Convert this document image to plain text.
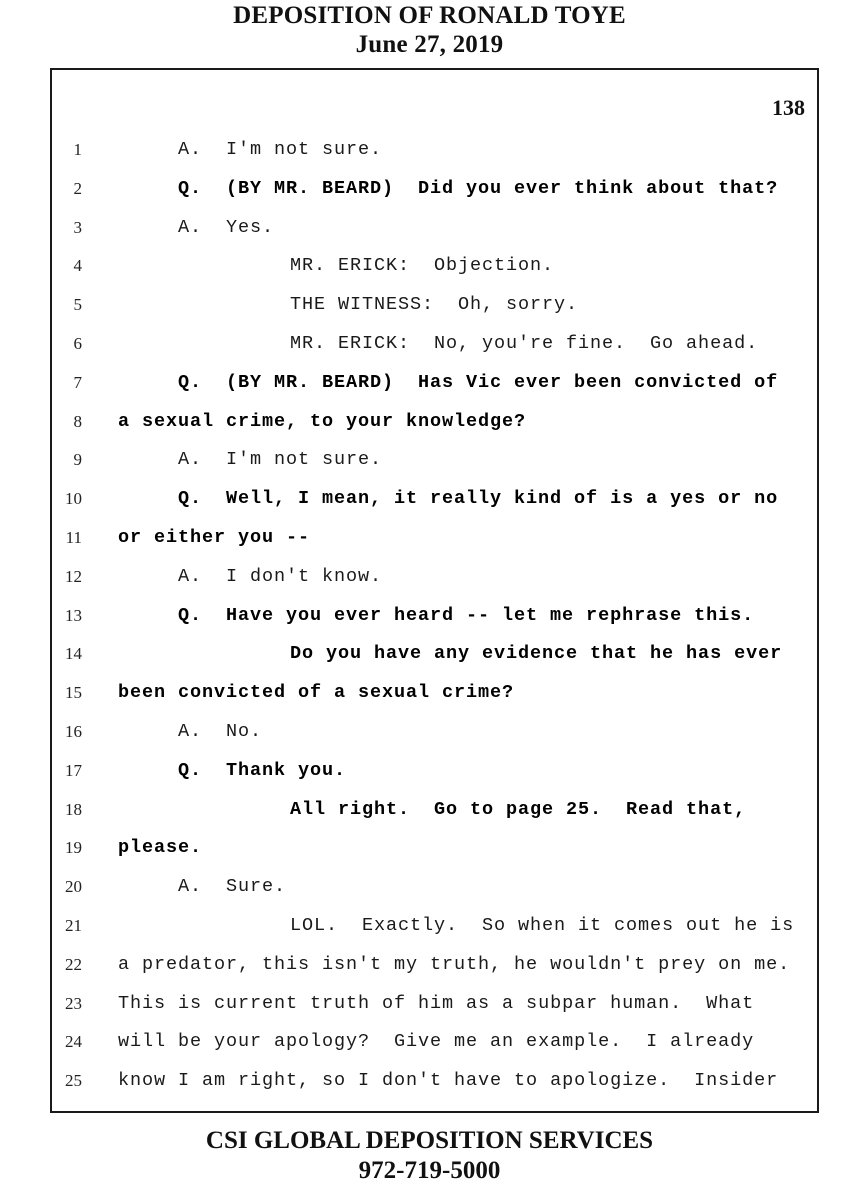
DEPOSITION OF RONALD TOYE
June 27, 2019
138
1	A.  I'm not sure.
2	Q.  (BY MR. BEARD)  Did you ever think about that?
3	A.  Yes.
4	MR. ERICK:  Objection.
5	THE WITNESS:  Oh, sorry.
6	MR. ERICK:  No, you're fine.  Go ahead.
7	Q.  (BY MR. BEARD)  Has Vic ever been convicted of
8 a sexual crime, to your knowledge?
9	A.  I'm not sure.
10	Q.  Well, I mean, it really kind of is a yes or no
11 or either you --
12	A.  I don't know.
13	Q.  Have you ever heard -- let me rephrase this.
14	Do you have any evidence that he has ever
15 been convicted of a sexual crime?
16	A.  No.
17	Q.  Thank you.
18	All right.  Go to page 25.  Read that,
19 please.
20	A.  Sure.
21	LOL.  Exactly.  So when it comes out he is
22 a predator, this isn't my truth, he wouldn't prey on me.
23 This is current truth of him as a subpar human.  What
24 will be your apology?  Give me an example.  I already
25 know I am right, so I don't have to apologize.  Insider
CSI GLOBAL DEPOSITION SERVICES
972-719-5000
